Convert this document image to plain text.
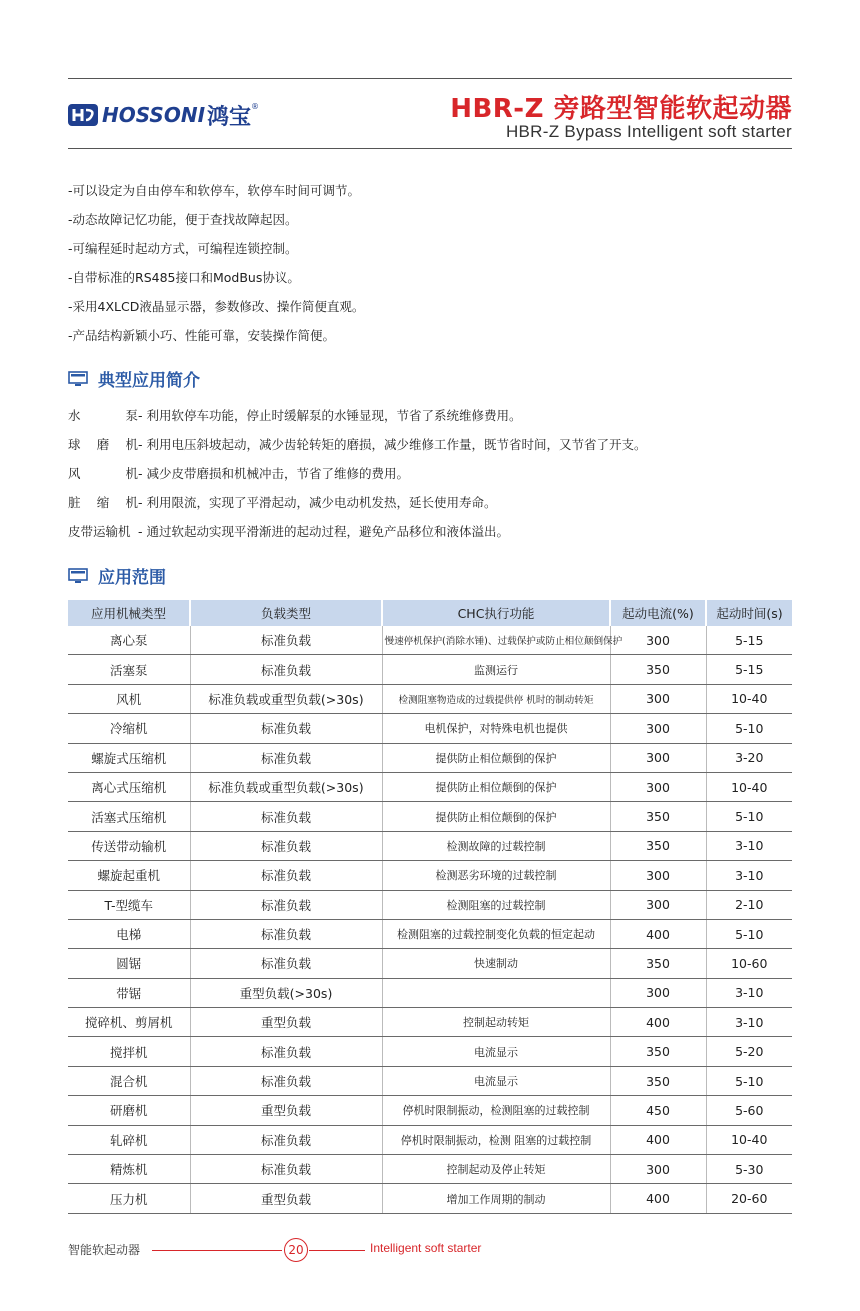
HOSSONI 鸿宝 ®	HBR-Z 旁路型智能软起动器
HBR-Z Bypass Intelligent soft starter
-可以设定为自由停车和软停车，软停车时间可调节。
-动态故障记忆功能，便于查找故障起因。
-可编程延时起动方式，可编程连锁控制。
-自带标准的RS485接口和ModBus协议。
-采用4XLCD液晶显示器，参数修改、操作简便直观。
-产品结构新颖小巧、性能可靠，安装操作简便。
典型应用简介
水	泵 - 利用软停车功能，停止时缓解泵的水锤显现，节省了系统维修费用。
球 磨 机 - 利用电压斜坡起动，减少齿轮转矩的磨损，减少维修工作量，既节省时间，又节省了开支。
风	机 - 减少皮带磨损和机械冲击，节省了维修的费用。
脏 缩 机 - 利用限流，实现了平滑起动，减少电动机发热，延长使用寿命。
皮带运输机 - 通过软起动实现平滑渐进的起动过程，避免产品移位和液体溢出。
应用范围
应用机械类型	负载类型	CHC执行功能	起动电流(%)	起动时间(s)
离心泵	标准负载	慢速停机保护(消除水锤)、过载保护或防止相位颠倒保护	300	5-15
活塞泵	标准负载	监测运行	350	5-15
风机	标准负载或重型负载(>30s)	检测阻塞物造成的过载提供停 机时的制动转矩	300	10-40
冷缩机	标准负载	电机保护，对特殊电机也提供	300	5-10
螺旋式压缩机	标准负载	提供防止相位颠倒的保护	300	3-20
离心式压缩机	标准负载或重型负载(>30s)	提供防止相位颠倒的保护	300	10-40
活塞式压缩机	标准负载	提供防止相位颠倒的保护	350	5-10
传送带动输机	标准负载	检测故障的过载控制	350	3-10
螺旋起重机	标准负载	检测恶劣环境的过载控制	300	3-10
T-型缆车	标准负载	检测阻塞的过载控制	300	2-10
电梯	标准负载	检测阻塞的过载控制变化负载的恒定起动	400	5-10
圆锯	标准负载	快速制动	350	10-60
带锯	重型负载(>30s)		300	3-10
搅碎机、剪屑机	重型负载	控制起动转矩	400	3-10
搅拌机	标准负载	电流显示	350	5-20
混合机	标准负载	电流显示	350	5-10
研磨机	重型负载	停机时限制振动，检测阻塞的过载控制	450	5-60
轧碎机	标准负载	停机时限制振动，检测 阻塞的过载控制	400	10-40
精炼机	标准负载	控制起动及停止转矩	300	5-30
压力机	重型负载	增加工作周期的制动	400	20-60
智能软起动器	20	Intelligent soft starter
